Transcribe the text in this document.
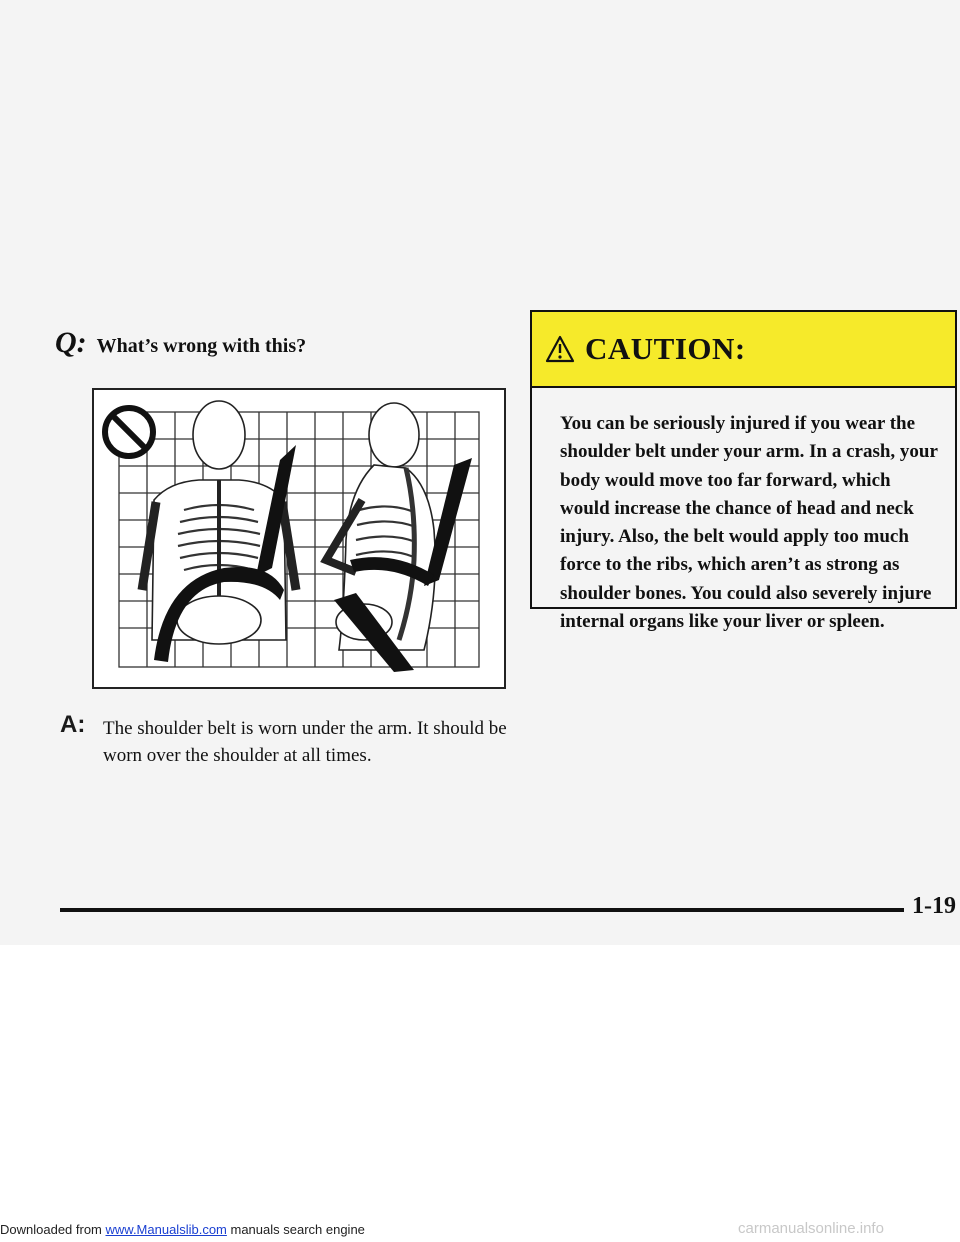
Q: What’s wrong with this?
A: The shoulder belt is worn under the arm. It should be worn over the shoulder at all times.
CAUTION:
You can be seriously injured if you wear the shoulder belt under your arm. In a crash, your body would move too far forward, which would increase the chance of head and neck injury. Also, the belt would apply too much force to the ribs, which aren’t as strong as shoulder bones. You could also severely injure internal organs like your liver or spleen.
1-19
Downloaded from www.Manualslib.com manuals search engine	carmanualsonline.info
